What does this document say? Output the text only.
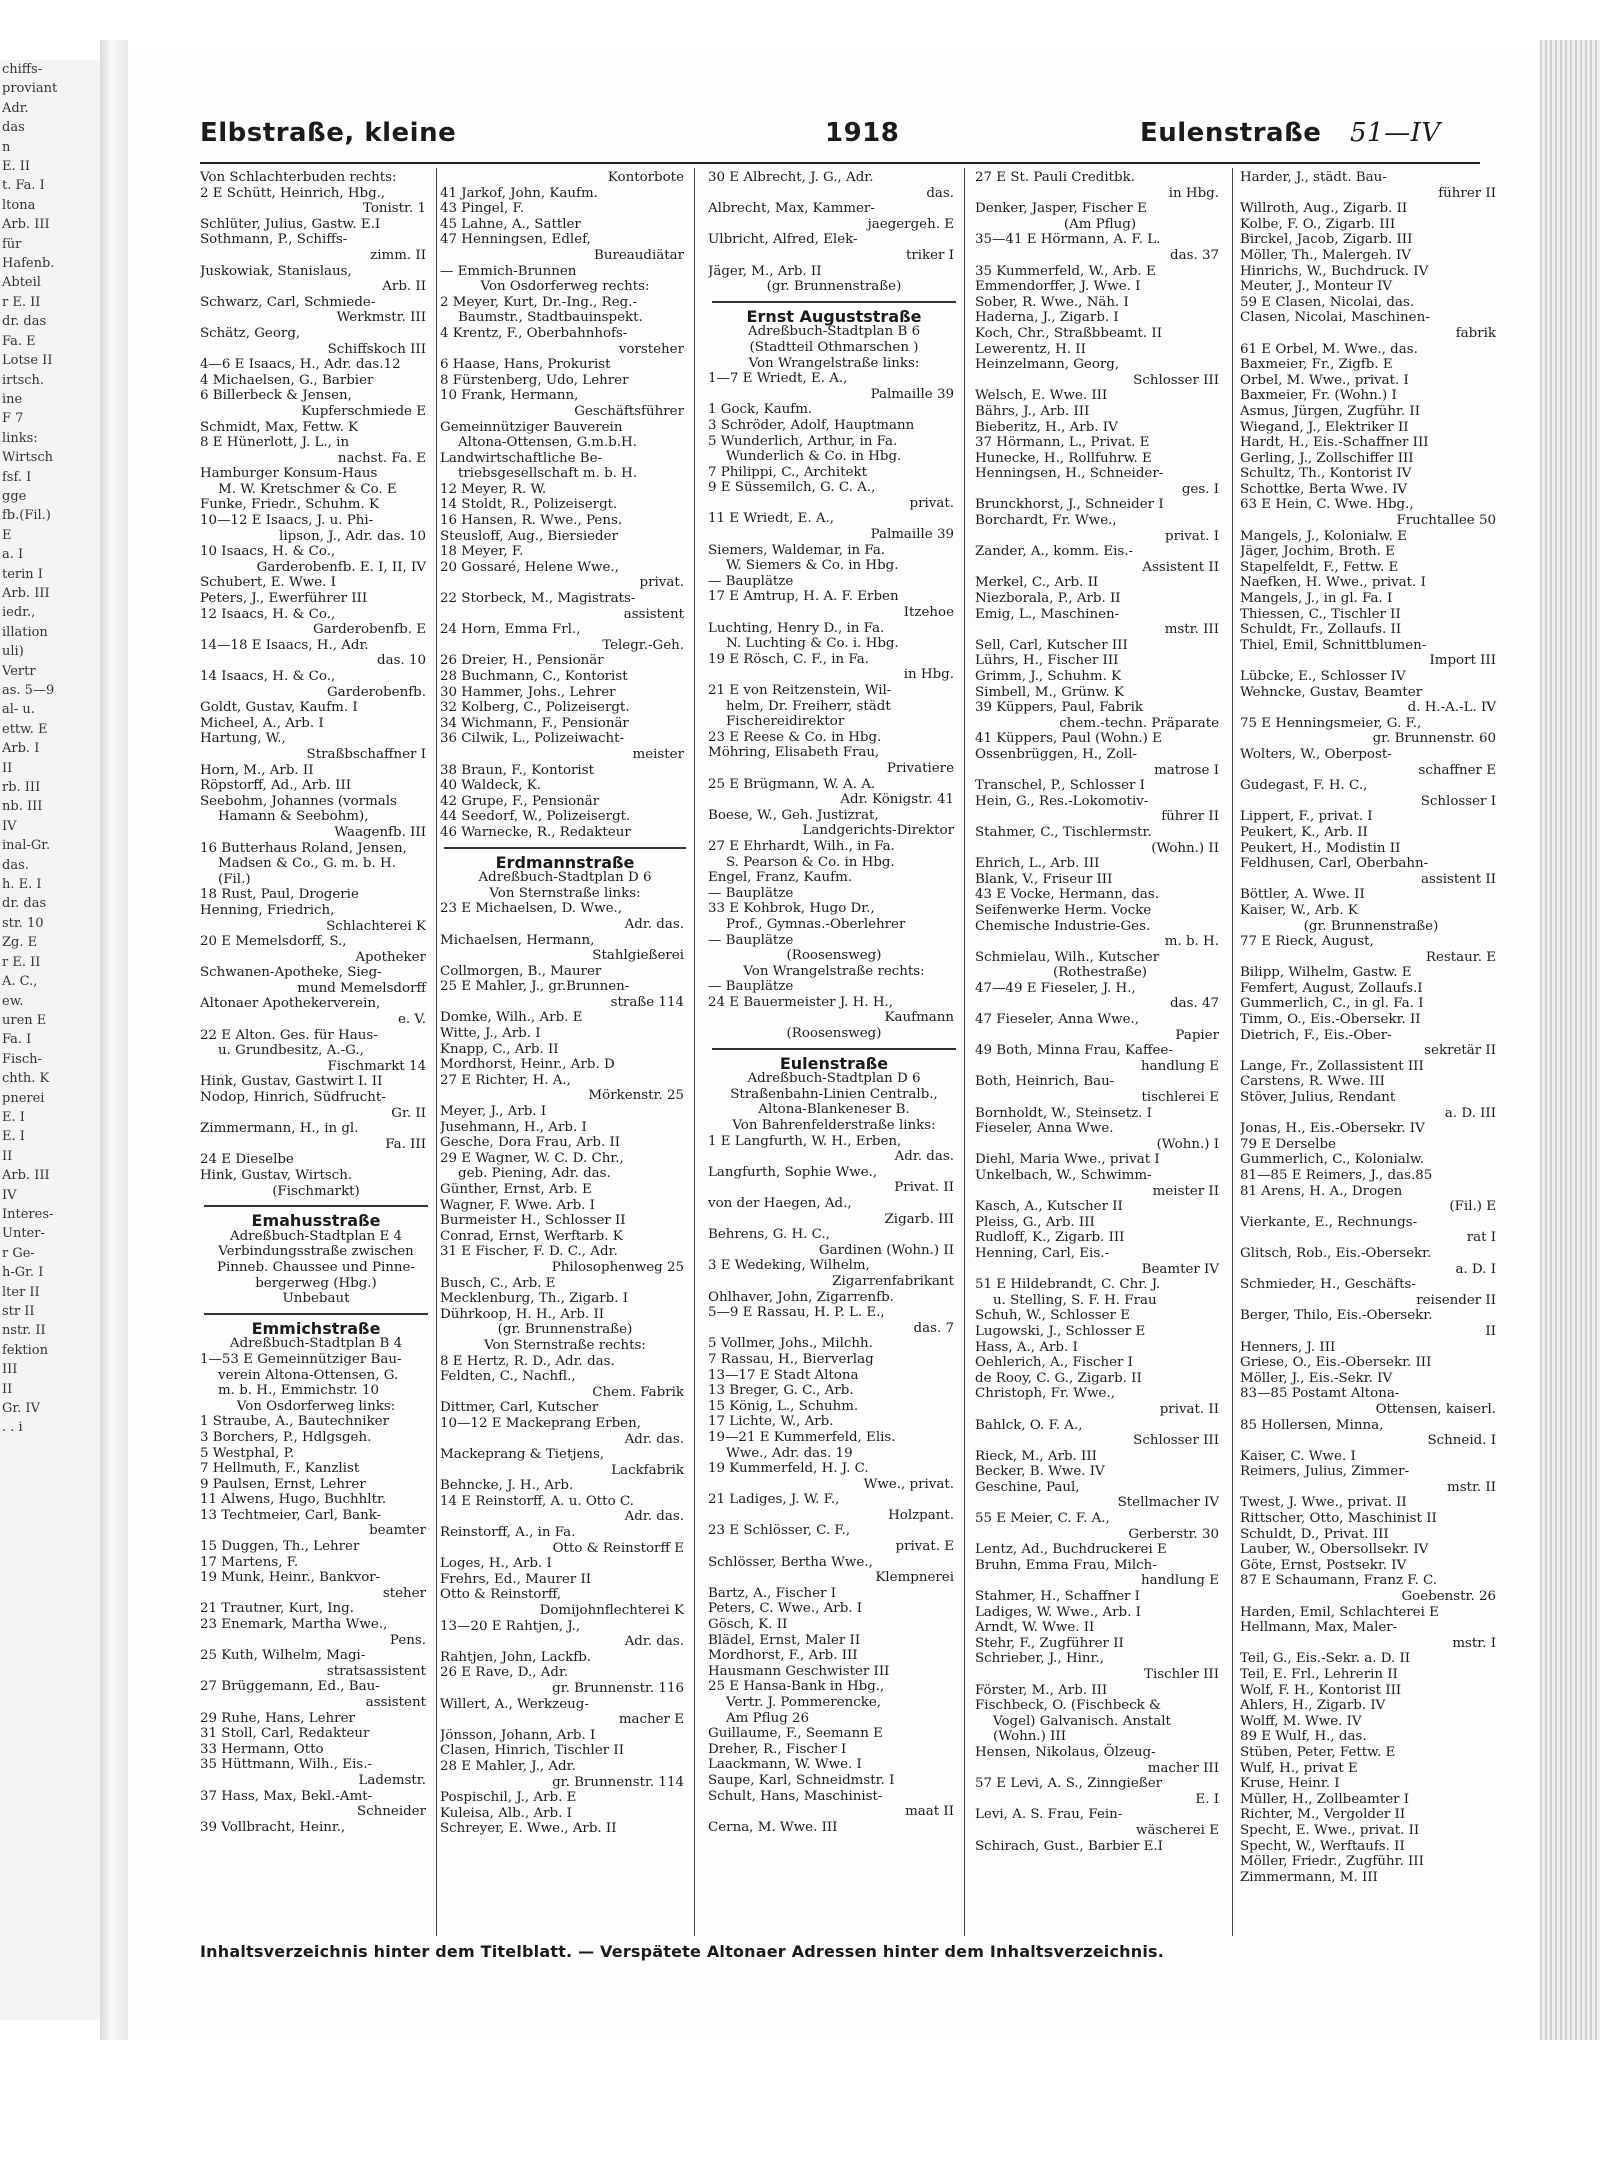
chiffs-
proviant
Adr.
das
n
E. II
t. Fa. I
ltona
Arb. III
für
Hafenb.
Abteil
r E. II
dr. das
Fa. E
Lotse II
irtsch.
ine
F 7
links:
Wirtsch
fsf. I
gge
fb.(Fil.)
E
a. I
terin I
Arb. III
iedr.,
illation
uli)
Vertr
as. 5—9
al- u.
ettw. E
Arb. I
II
rb. III
nb. III
IV
inal-Gr.
das.
h. E. I
dr. das
str. 10
Zg. E
r E. II
A. C.,
ew.
uren E
Fa. I
Fisch-
chth. K
pnerei
E. I
E. I
II
Arb. III
IV
Interes-
Unter-
r Ge-
h-Gr. I
lter II
str II
nstr. II
fektion
III
II
Gr. IV
. . i
Elbstraße, kleine	1918	Eulenstraße 51—IV
Von Schlachterbuden rechts:
2 E Schütt, Heinrich, Hbg.,
Tonistr. 1
Schlüter, Julius, Gastw. E.I
Sothmann, P., Schiffs-
zimm. II
Juskowiak, Stanislaus,
Arb. II
Schwarz, Carl, Schmiede-
Werkmstr. III
Schätz, Georg,
Schiffskoch III
4—6 E Isaacs, H., Adr. das.12
4 Michaelsen, G., Barbier
6 Billerbeck & Jensen,
Kupferschmiede E
Schmidt, Max, Fettw. K
8 E Hünerlott, J. L., in
nachst. Fa. E
Hamburger Konsum-Haus
M. W. Kretschmer & Co. E
Funke, Friedr., Schuhm. K
10—12 E Isaacs, J. u. Phi-
lipson, J., Adr. das. 10
10 Isaacs, H. & Co.,
Garderobenfb. E. I, II, IV
Schubert, E. Wwe. I
Peters, J., Ewerführer III
12 Isaacs, H. & Co.,
Garderobenfb. E
14—18 E Isaacs, H., Adr.
das. 10
14 Isaacs, H. & Co.,
Garderobenfb.
Goldt, Gustav, Kaufm. I
Micheel, A., Arb. I
Hartung, W.,
Straßbschaffner I
Horn, M., Arb. II
Röpstorff, Ad., Arb. III
Seebohm, Johannes (vormals
Hamann & Seebohm),
Waagenfb. III
16 Butterhaus Roland, Jensen,
Madsen & Co., G. m. b. H.
(Fil.)
18 Rust, Paul, Drogerie
Henning, Friedrich,
Schlachterei K
20 E Memelsdorff, S.,
Apotheker
Schwanen-Apotheke, Sieg-
mund Memelsdorff
Altonaer Apothekerverein,
e. V.
22 E Alton. Ges. für Haus-
u. Grundbesitz, A.-G.,
Fischmarkt 14
Hink, Gustav, Gastwirt I. II
Nodop, Hinrich, Südfrucht-
Gr. II
Zimmermann, H., in gl.
Fa. III
24 E Dieselbe
Hink, Gustav, Wirtsch.
(Fischmarkt)
Emahusstraße
Adreßbuch-Stadtplan E 4
Verbindungsstraße zwischen
Pinneb. Chaussee und Pinne-
bergerweg (Hbg.)
Unbebaut
Emmichstraße
Adreßbuch-Stadtplan B 4
1—53 E Gemeinnütziger Bau-
verein Altona-Ottensen, G.
m. b. H., Emmichstr. 10
Von Osdorferweg links:
1 Straube, A., Bautechniker
3 Borchers, P., Hdlgsgeh.
5 Westphal, P.
7 Hellmuth, F., Kanzlist
9 Paulsen, Ernst, Lehrer
11 Alwens, Hugo, Buchhltr.
13 Techtmeier, Carl, Bank-
beamter
15 Duggen, Th., Lehrer
17 Martens, F.
19 Munk, Heinr., Bankvor-
steher
21 Trautner, Kurt, Ing.
23 Enemark, Martha Wwe.,
Pens.
25 Kuth, Wilhelm, Magi-
stratsassistent
27 Brüggemann, Ed., Bau-
assistent
29 Ruhe, Hans, Lehrer
31 Stoll, Carl, Redakteur
33 Hermann, Otto
35 Hüttmann, Wilh., Eis.-
Lademstr.
37 Hass, Max, Bekl.-Amt-
Schneider
39 Vollbracht, Heinr.,
Kontorbote
41 Jarkof, John, Kaufm.
43 Pingel, F.
45 Lahne, A., Sattler
47 Henningsen, Edlef,
Bureaudiätar
— Emmich-Brunnen
Von Osdorferweg rechts:
2 Meyer, Kurt, Dr.-Ing., Reg.-
Baumstr., Stadtbauinspekt.
4 Krentz, F., Oberbahnhofs-
vorsteher
6 Haase, Hans, Prokurist
8 Fürstenberg, Udo, Lehrer
10 Frank, Hermann,
Geschäftsführer
Gemeinnütziger Bauverein
Altona-Ottensen, G.m.b.H.
Landwirtschaftliche Be-
triebsgesellschaft m. b. H.
12 Meyer, R. W.
14 Stoldt, R., Polizeisergt.
16 Hansen, R. Wwe., Pens.
Steusloff, Aug., Biersieder
18 Meyer, F.
20 Gossaré, Helene Wwe.,
privat.
22 Storbeck, M., Magistrats-
assistent
24 Horn, Emma Frl.,
Telegr.-Geh.
26 Dreier, H., Pensionär
28 Buchmann, C., Kontorist
30 Hammer, Johs., Lehrer
32 Kolberg, C., Polizeisergt.
34 Wichmann, F., Pensionär
36 Cilwik, L., Polizeiwacht-
meister
38 Braun, F., Kontorist
40 Waldeck, K.
42 Grupe, F., Pensionär
44 Seedorf, W., Polizeisergt.
46 Warnecke, R., Redakteur
Erdmannstraße
Adreßbuch-Stadtplan D 6
Von Sternstraße links:
23 E Michaelsen, D. Wwe.,
Adr. das.
Michaelsen, Hermann,
Stahlgießerei
Collmorgen, B., Maurer
25 E Mahler, J., gr.Brunnen-
straße 114
Domke, Wilh., Arb. E
Witte, J., Arb. I
Knapp, C., Arb. II
Mordhorst, Heinr., Arb. D
27 E Richter, H. A.,
Mörkenstr. 25
Meyer, J., Arb. I
Jusehmann, H., Arb. I
Gesche, Dora Frau, Arb. II
29 E Wagner, W. C. D. Chr.,
geb. Piening, Adr. das.
Günther, Ernst, Arb. E
Wagner, F. Wwe. Arb. I
Burmeister H., Schlosser II
Conrad, Ernst, Werftarb. K
31 E Fischer, F. D. C., Adr.
Philosophenweg 25
Busch, C., Arb. E
Mecklenburg, Th., Zigarb. I
Dührkoop, H. H., Arb. II
(gr. Brunnenstraße)
Von Sternstraße rechts:
8 E Hertz, R. D., Adr. das.
Feldten, C., Nachfl.,
Chem. Fabrik
Dittmer, Carl, Kutscher
10—12 E Mackeprang Erben,
Adr. das.
Mackeprang & Tietjens,
Lackfabrik
Behncke, J. H., Arb.
14 E Reinstorff, A. u. Otto C.
Adr. das.
Reinstorff, A., in Fa.
Otto & Reinstorff E
Loges, H., Arb. I
Frehrs, Ed., Maurer II
Otto & Reinstorff,
Domijohnflechterei K
13—20 E Rahtjen, J.,
Adr. das.
Rahtjen, John, Lackfb.
26 E Rave, D., Adr.
gr. Brunnenstr. 116
Willert, A., Werkzeug-
macher E
Jönsson, Johann, Arb. I
Clasen, Hinrich, Tischler II
28 E Mahler, J., Adr.
gr. Brunnenstr. 114
Pospischil, J., Arb. E
Kuleisa, Alb., Arb. I
Schreyer, E. Wwe., Arb. II
30 E Albrecht, J. G., Adr.
das.
Albrecht, Max, Kammer-
jaegergeh. E
Ulbricht, Alfred, Elek-
triker I
Jäger, M., Arb. II
(gr. Brunnenstraße)
Ernst Auguststraße
Adreßbuch-Stadtplan B 6
(Stadtteil Othmarschen )
Von Wrangelstraße links:
1—7 E Wriedt, E. A.,
Palmaille 39
1 Gock, Kaufm.
3 Schröder, Adolf, Hauptmann
5 Wunderlich, Arthur, in Fa.
Wunderlich & Co. in Hbg.
7 Philippi, C., Architekt
9 E Süssemilch, G. C. A.,
privat.
11 E Wriedt, E. A.,
Palmaille 39
Siemers, Waldemar, in Fa.
W. Siemers & Co. in Hbg.
— Bauplätze
17 E Amtrup, H. A. F. Erben
Itzehoe
Luchting, Henry D., in Fa.
N. Luchting & Co. i. Hbg.
19 E Rösch, C. F., in Fa.
in Hbg.
21 E von Reitzenstein, Wil-
helm, Dr. Freiherr, städt
Fischereidirektor
23 E Reese & Co. in Hbg.
Möhring, Elisabeth Frau,
Privatiere
25 E Brügmann, W. A. A.
Adr. Königstr. 41
Boese, W., Geh. Justizrat,
Landgerichts-Direktor
27 E Ehrhardt, Wilh., in Fa.
S. Pearson & Co. in Hbg.
Engel, Franz, Kaufm.
— Bauplätze
33 E Kohbrok, Hugo Dr.,
Prof., Gymnas.-Oberlehrer
— Bauplätze
(Roosensweg)
Von Wrangelstraße rechts:
— Bauplätze
24 E Bauermeister J. H. H.,
Kaufmann
(Roosensweg)
Eulenstraße
Adreßbuch-Stadtplan D 6
Straßenbahn-Linien Centralb.,
Altona-Blankeneser B.
Von Bahrenfelderstraße links:
1 E Langfurth, W. H., Erben,
Adr. das.
Langfurth, Sophie Wwe.,
Privat. II
von der Haegen, Ad.,
Zigarb. III
Behrens, G. H. C.,
Gardinen (Wohn.) II
3 E Wedeking, Wilhelm,
Zigarrenfabrikant
Ohlhaver, John, Zigarrenfb.
5—9 E Rassau, H. P. L. E.,
das. 7
5 Vollmer, Johs., Milchh.
7 Rassau, H., Bierverlag
13—17 E Stadt Altona
13 Breger, G. C., Arb.
15 König, L., Schuhm.
17 Lichte, W., Arb.
19—21 E Kummerfeld, Elis.
Wwe., Adr. das. 19
19 Kummerfeld, H. J. C.
Wwe., privat.
21 Ladiges, J. W. F.,
Holzpant.
23 E Schlösser, C. F.,
privat. E
Schlösser, Bertha Wwe.,
Klempnerei
Bartz, A., Fischer I
Peters, C. Wwe., Arb. I
Gösch, K. II
Blädel, Ernst, Maler II
Mordhorst, F., Arb. III
Hausmann Geschwister III
25 E Hansa-Bank in Hbg.,
Vertr. J. Pommerencke,
Am Pflug 26
Guillaume, F., Seemann E
Dreher, R., Fischer I
Laackmann, W. Wwe. I
Saupe, Karl, Schneidmstr. I
Schult, Hans, Maschinist-
maat II
Cerna, M. Wwe. III
27 E St. Pauli Creditbk.
in Hbg.
Denker, Jasper, Fischer E
(Am Pflug)
35—41 E Hörmann, A. F. L.
das. 37
35 Kummerfeld, W., Arb. E
Emmendorffer, J. Wwe. I
Sober, R. Wwe., Näh. I
Haderna, J., Zigarb. I
Koch, Chr., Straßbbeamt. II
Lewerentz, H. II
Heinzelmann, Georg,
Schlosser III
Welsch, E. Wwe. III
Bährs, J., Arb. III
Bieberitz, H., Arb. IV
37 Hörmann, L., Privat. E
Hunecke, H., Rollfuhrw. E
Henningsen, H., Schneider-
ges. I
Brunckhorst, J., Schneider I
Borchardt, Fr. Wwe.,
privat. I
Zander, A., komm. Eis.-
Assistent II
Merkel, C., Arb. II
Niezborala, P., Arb. II
Emig, L., Maschinen-
mstr. III
Sell, Carl, Kutscher III
Lührs, H., Fischer III
Grimm, J., Schuhm. K
Simbell, M., Grünw. K
39 Küppers, Paul, Fabrik
chem.-techn. Präparate
41 Küppers, Paul (Wohn.) E
Ossenbrüggen, H., Zoll-
matrose I
Transchel, P., Schlosser I
Hein, G., Res.-Lokomotiv-
führer II
Stahmer, C., Tischlermstr.
(Wohn.) II
Ehrich, L., Arb. III
Blank, V., Friseur III
43 E Vocke, Hermann, das.
Seifenwerke Herm. Vocke
Chemische Industrie-Ges.
m. b. H.
Schmielau, Wilh., Kutscher
(Rothestraße)
47—49 E Fieseler, J. H.,
das. 47
47 Fieseler, Anna Wwe.,
Papier
49 Both, Minna Frau, Kaffee-
handlung E
Both, Heinrich, Bau-
tischlerei E
Bornholdt, W., Steinsetz. I
Fieseler, Anna Wwe.
(Wohn.) I
Diehl, Maria Wwe., privat I
Unkelbach, W., Schwimm-
meister II
Kasch, A., Kutscher II
Pleiss, G., Arb. III
Rudloff, K., Zigarb. III
Henning, Carl, Eis.-
Beamter IV
51 E Hildebrandt, C. Chr. J.
u. Stelling, S. F. H. Frau
Schuh, W., Schlosser E
Lugowski, J., Schlosser E
Hass, A., Arb. I
Oehlerich, A., Fischer I
de Rooy, C. G., Zigarb. II
Christoph, Fr. Wwe.,
privat. II
Bahlck, O. F. A.,
Schlosser III
Rieck, M., Arb. III
Becker, B. Wwe. IV
Geschine, Paul,
Stellmacher IV
55 E Meier, C. F. A.,
Gerberstr. 30
Lentz, Ad., Buchdruckerei E
Bruhn, Emma Frau, Milch-
handlung E
Stahmer, H., Schaffner I
Ladiges, W. Wwe., Arb. I
Arndt, W. Wwe. II
Stehr, F., Zugführer II
Schrieber, J., Hinr.,
Tischler III
Förster, M., Arb. III
Fischbeck, O. (Fischbeck &
Vogel) Galvanisch. Anstalt
(Wohn.) III
Hensen, Nikolaus, Ölzeug-
macher III
57 E Levi, A. S., Zinngießer
E. I
Levi, A. S. Frau, Fein-
wäscherei E
Schirach, Gust., Barbier E.I
Harder, J., städt. Bau-
führer II
Willroth, Aug., Zigarb. II
Kolbe, F. O., Zigarb. III
Birckel, Jacob, Zigarb. III
Möller, Th., Malergeh. IV
Hinrichs, W., Buchdruck. IV
Meuter, J., Monteur IV
59 E Clasen, Nicolai, das.
Clasen, Nicolai, Maschinen-
fabrik
61 E Orbel, M. Wwe., das.
Baxmeier, Fr., Zigfb. E
Orbel, M. Wwe., privat. I
Baxmeier, Fr. (Wohn.) I
Asmus, Jürgen, Zugführ. II
Wiegand, J., Elektriker II
Hardt, H., Eis.-Schaffner III
Gerling, J., Zollschiffer III
Schultz, Th., Kontorist IV
Schottke, Berta Wwe. IV
63 E Hein, C. Wwe. Hbg.,
Fruchtallee 50
Mangels, J., Kolonialw. E
Jäger, Jochim, Broth. E
Stapelfeldt, F., Fettw. E
Naefken, H. Wwe., privat. I
Mangels, J., in gl. Fa. I
Thiessen, C., Tischler II
Schuldt, Fr., Zollaufs. II
Thiel, Emil, Schnittblumen-
Import III
Lübcke, E., Schlosser IV
Wehncke, Gustav, Beamter
d. H.-A.-L. IV
75 E Henningsmeier, G. F.,
gr. Brunnenstr. 60
Wolters, W., Oberpost-
schaffner E
Gudegast, F. H. C.,
Schlosser I
Lippert, F., privat. I
Peukert, K., Arb. II
Peukert, H., Modistin II
Feldhusen, Carl, Oberbahn-
assistent II
Böttler, A. Wwe. II
Kaiser, W., Arb. K
(gr. Brunnenstraße)
77 E Rieck, August,
Restaur. E
Bilipp, Wilhelm, Gastw. E
Femfert, August, Zollaufs.I
Gummerlich, C., in gl. Fa. I
Timm, O., Eis.-Obersekr. II
Dietrich, F., Eis.-Ober-
sekretär II
Lange, Fr., Zollassistent III
Carstens, R. Wwe. III
Stöver, Julius, Rendant
a. D. III
Jonas, H., Eis.-Obersekr. IV
79 E Derselbe
Gummerlich, C., Kolonialw.
81—85 E Reimers, J., das.85
81 Arens, H. A., Drogen
(Fil.) E
Vierkante, E., Rechnungs-
rat I
Glitsch, Rob., Eis.-Obersekr.
a. D. I
Schmieder, H., Geschäfts-
reisender II
Berger, Thilo, Eis.-Obersekr.
II
Henners, J. III
Griese, O., Eis.-Obersekr. III
Möller, J., Eis.-Sekr. IV
83—85 Postamt Altona-
Ottensen, kaiserl.
85 Hollersen, Minna,
Schneid. I
Kaiser, C. Wwe. I
Reimers, Julius, Zimmer-
mstr. II
Twest, J. Wwe., privat. II
Rittscher, Otto, Maschinist II
Schuldt, D., Privat. III
Lauber, W., Obersollsekr. IV
Göte, Ernst, Postsekr. IV
87 E Schaumann, Franz F. C.
Goebenstr. 26
Harden, Emil, Schlachterei E
Hellmann, Max, Maler-
mstr. I
Teil, G., Eis.-Sekr. a. D. II
Teil, E. Frl., Lehrerin II
Wolf, F. H., Kontorist III
Ahlers, H., Zigarb. IV
Wolff, M. Wwe. IV
89 E Wulf, H., das.
Stüben, Peter, Fettw. E
Wulf, H., privat E
Kruse, Heinr. I
Müller, H., Zollbeamter I
Richter, M., Vergolder II
Specht, E. Wwe., privat. II
Specht, W., Werftaufs. II
Möller, Friedr., Zugführ. III
Zimmermann, M. III
Inhaltsverzeichnis hinter dem Titelblatt. — Verspätete Altonaer Adressen hinter dem Inhaltsverzeichnis.
